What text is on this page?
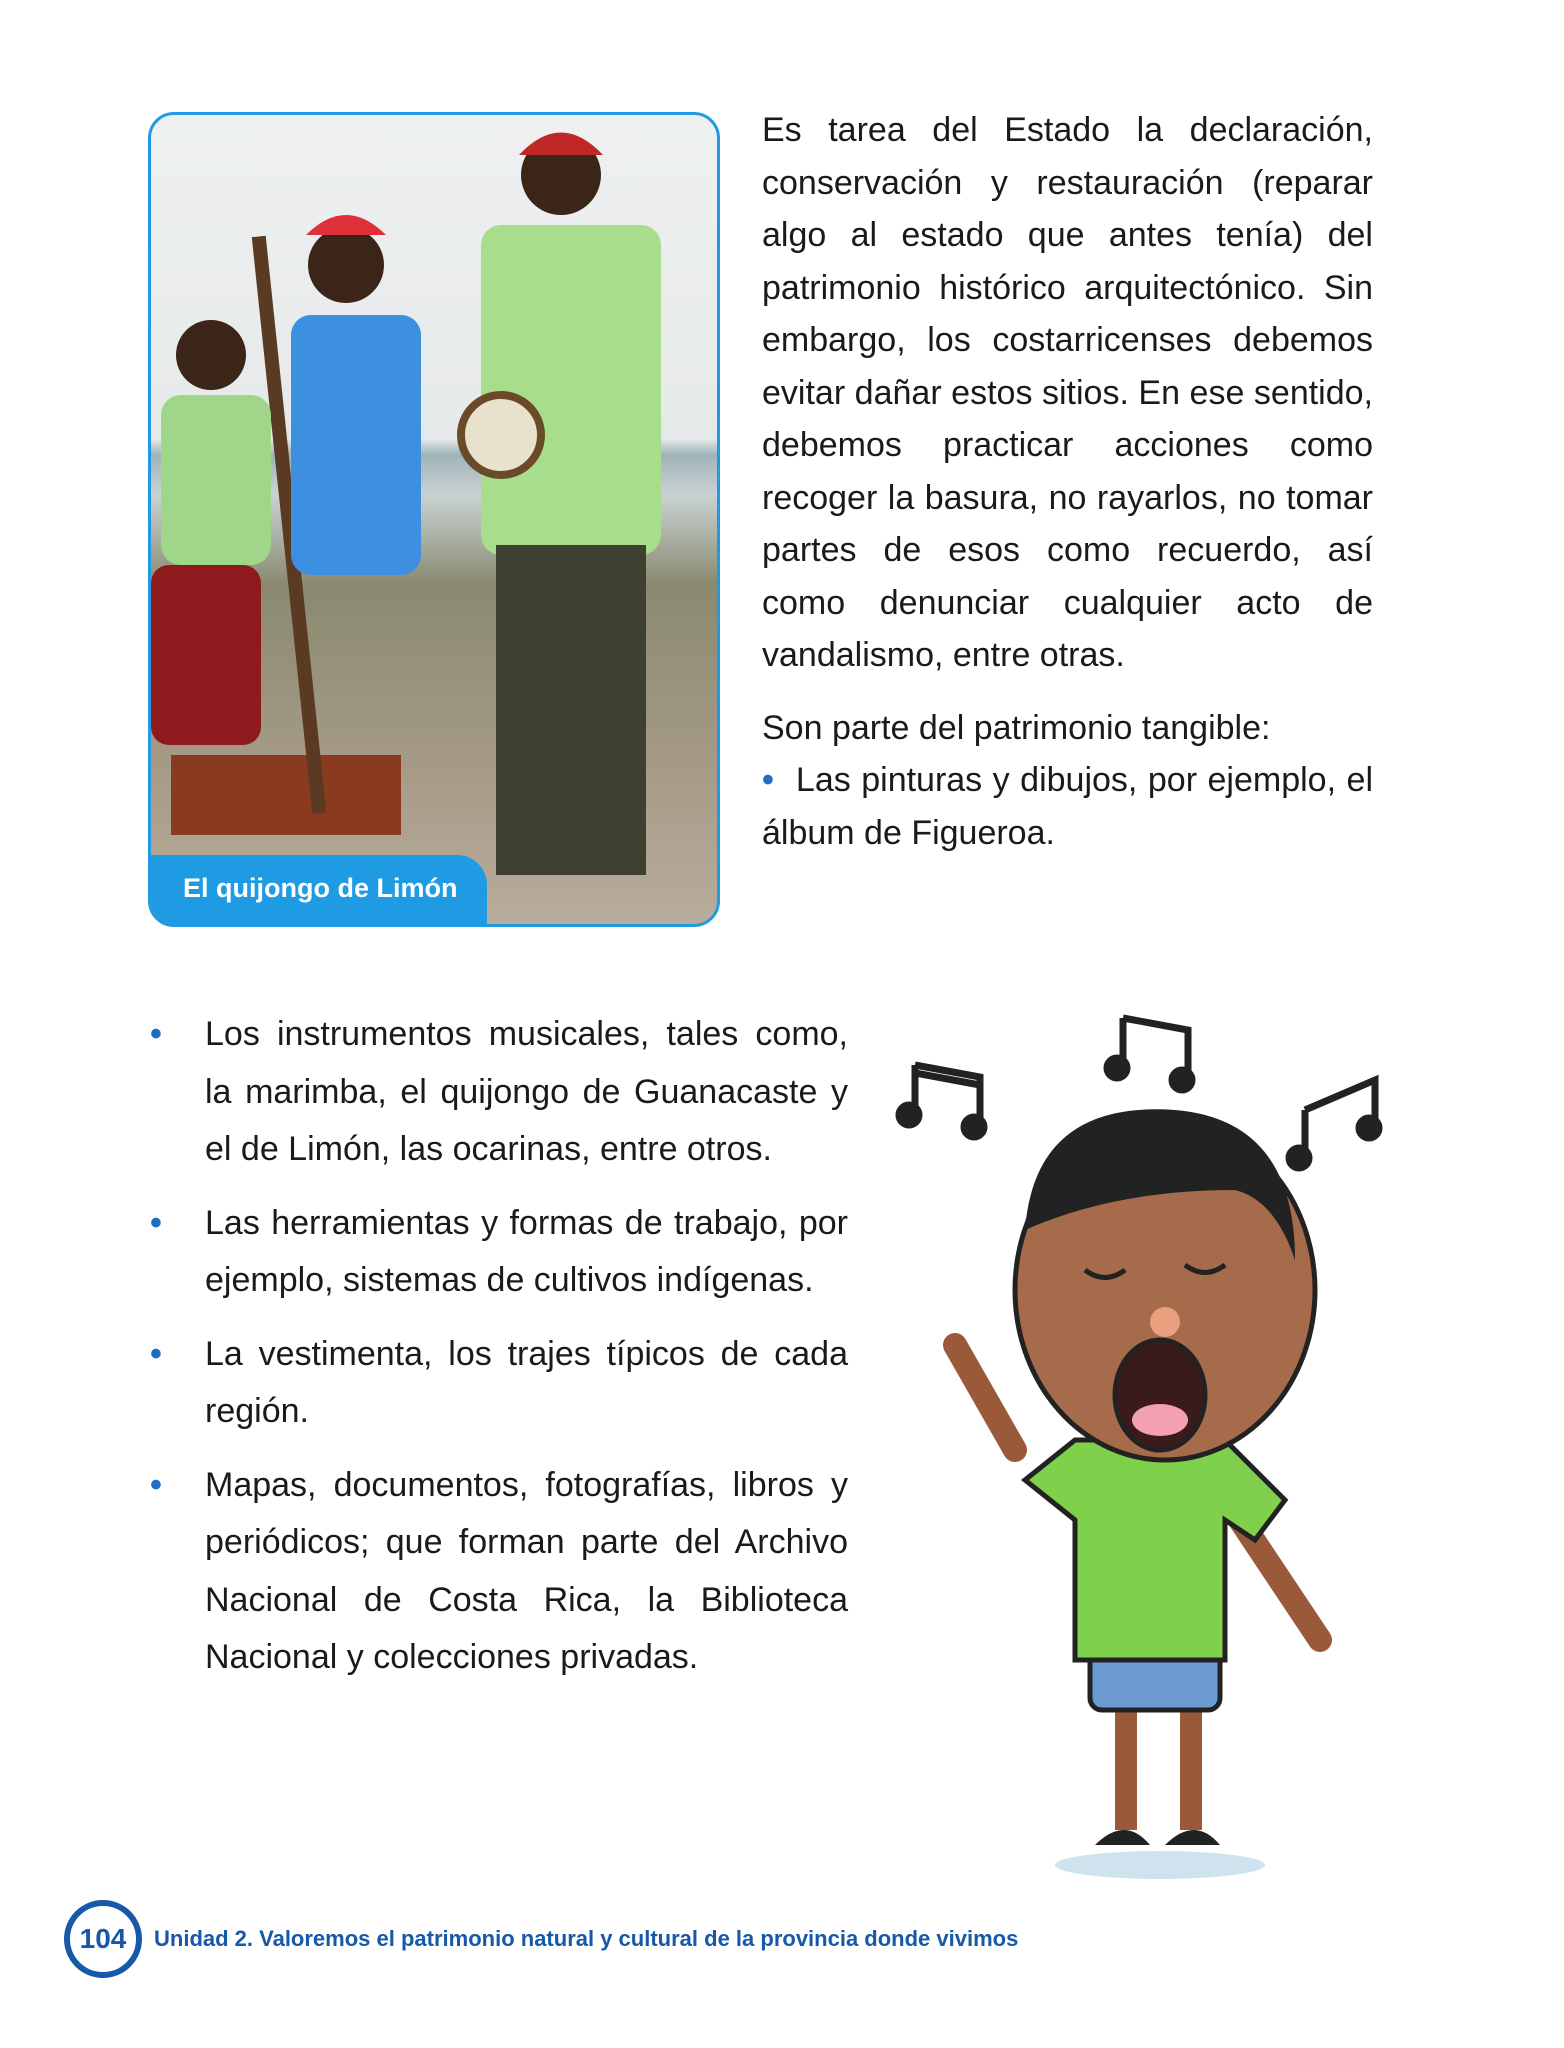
El quijongo de Limón

Es tarea del Estado la declaración, conservación y restauración (reparar algo al estado que antes tenía) del patrimonio histórico arquitectónico. Sin embargo, los costarricenses debemos evitar dañar estos sitios. En ese sentido, debemos practicar acciones como recoger la basura, no rayarlos, no tomar partes de esos como recuerdo, así como denunciar cualquier acto de vandalismo, entre otras.

Son parte del patrimonio tangible:

• Las pinturas y dibujos, por ejemplo, el álbum de Figueroa.

• Los instrumentos musicales, tales como, la marimba, el quijongo de Guanacaste y el de Limón, las ocarinas, entre otros.
• Las herramientas y formas de trabajo, por ejemplo, sistemas de cultivos indígenas.
• La vestimenta, los trajes típicos de cada región.
• Mapas, documentos, fotografías, libros y periódicos; que forman parte del Archivo Nacional de Costa Rica, la Biblioteca Nacional y colecciones privadas.
104	Unidad 2. Valoremos el patrimonio natural y cultural de la provincia donde vivimos
